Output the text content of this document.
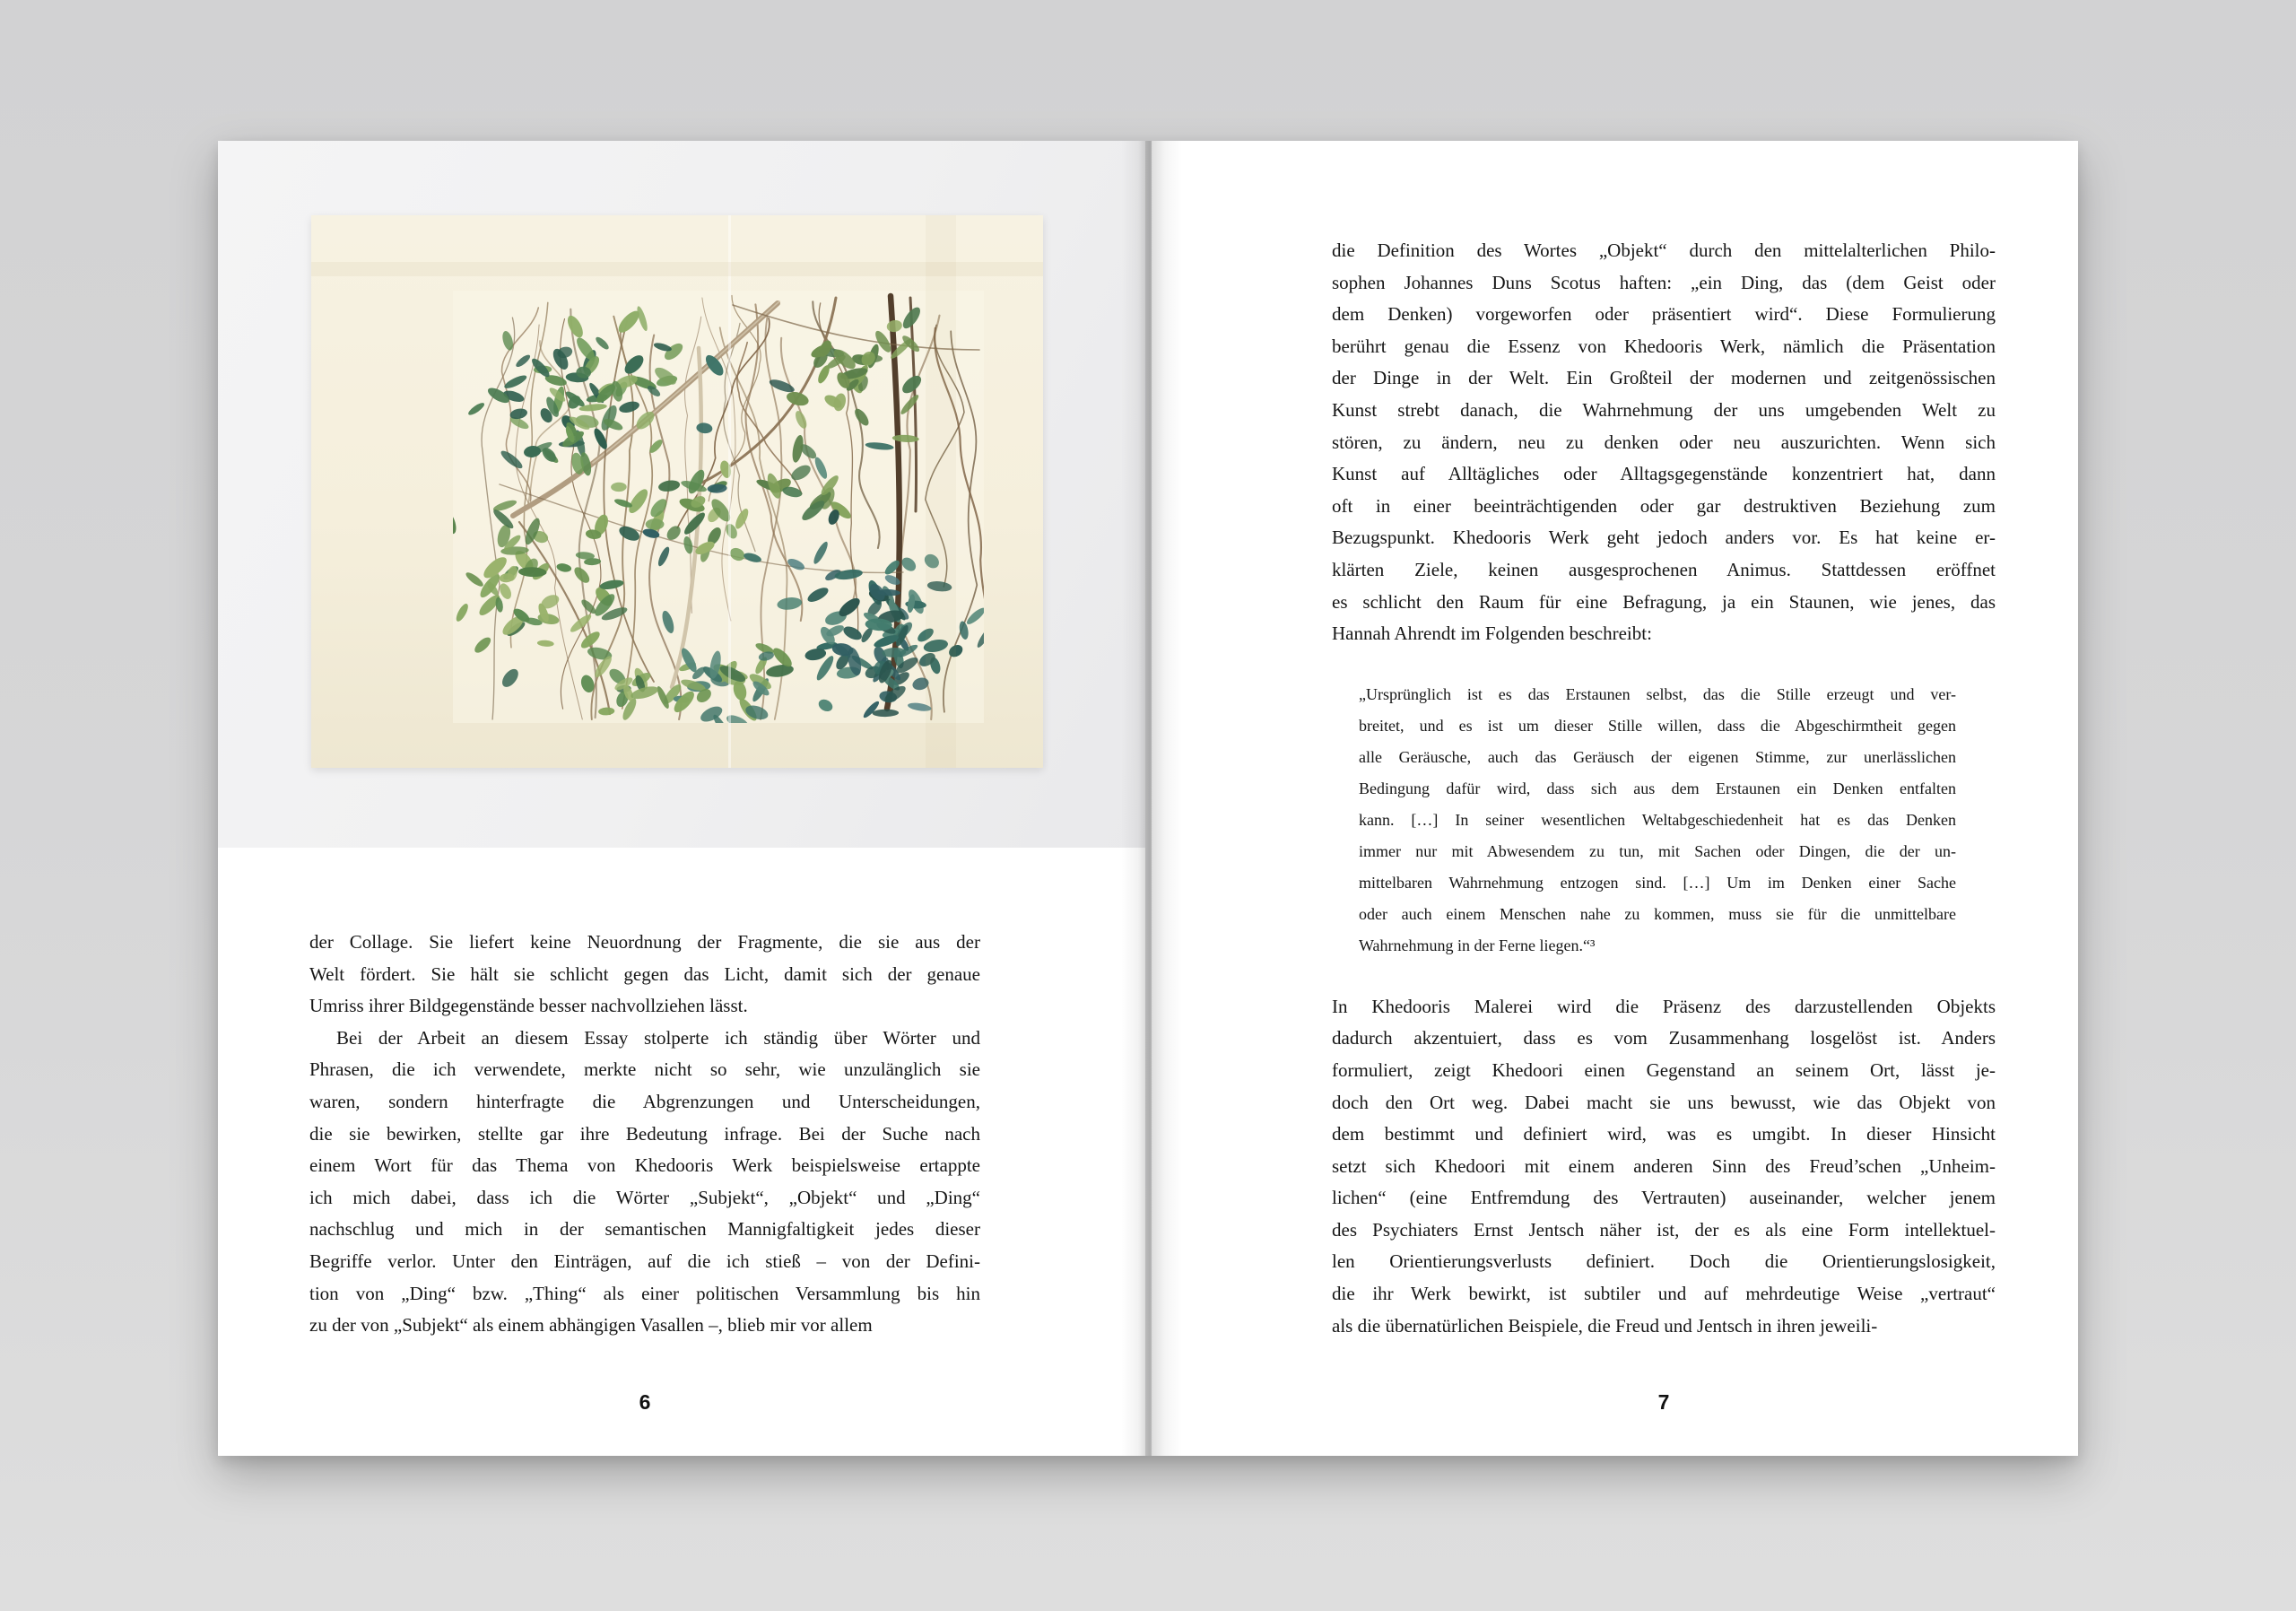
der Collage. Sie liefert keine Neuordnung der Fragmente, die sie aus der
Welt fördert. Sie hält sie schlicht gegen das Licht, damit sich der genaue
Umriss ihrer Bildgegenstände besser nachvollziehen lässt.
Bei der Arbeit an diesem Essay stolperte ich ständig über Wörter und
Phrasen, die ich verwendete, merkte nicht so sehr, wie unzulänglich sie
waren, sondern hinterfragte die Abgrenzungen und Unterscheidungen,
die sie bewirken, stellte gar ihre Bedeutung infrage. Bei der Suche nach
einem Wort für das Thema von Khedooris Werk beispielsweise ertappte
ich mich dabei, dass ich die Wörter „Subjekt“, „Objekt“ und „Ding“
nachschlug und mich in der semantischen Mannigfaltigkeit jedes dieser
Begriffe verlor. Unter den Einträgen, auf die ich stieß – von der Defini-
tion von „Ding“ bzw. „Thing“ als einer politischen Versammlung bis hin
zu der von „Subjekt“ als einem abhängigen Vasallen –, blieb mir vor allem
6
die Definition des Wortes „Objekt“ durch den mittelalterlichen Philo-
sophen Johannes Duns Scotus haften: „ein Ding, das (dem Geist oder
dem Denken) vorgeworfen oder präsentiert wird“. Diese Formulierung
berührt genau die Essenz von Khedooris Werk, nämlich die Präsentation
der Dinge in der Welt. Ein Großteil der modernen und zeitgenössischen
Kunst strebt danach, die Wahrnehmung der uns umgebenden Welt zu
stören, zu ändern, neu zu denken oder neu auszurichten. Wenn sich
Kunst auf Alltägliches oder Alltagsgegenstände konzentriert hat, dann
oft in einer beeinträchtigenden oder gar destruktiven Beziehung zum
Bezugspunkt. Khedooris Werk geht jedoch anders vor. Es hat keine er-
klärten Ziele, keinen ausgesprochenen Animus. Stattdessen eröffnet
es schlicht den Raum für eine Befragung, ja ein Staunen, wie jenes, das
Hannah Ahrendt im Folgenden beschreibt:
„Ursprünglich ist es das Erstaunen selbst, das die Stille erzeugt und ver-
breitet, und es ist um dieser Stille willen, dass die Abgeschirmtheit gegen
alle Geräusche, auch das Geräusch der eigenen Stimme, zur unerlässlichen
Bedingung dafür wird, dass sich aus dem Erstaunen ein Denken entfalten
kann. […] In seiner wesentlichen Weltabgeschiedenheit hat es das Denken
immer nur mit Abwesendem zu tun, mit Sachen oder Dingen, die der un-
mittelbaren Wahrnehmung entzogen sind. […] Um im Denken einer Sache
oder auch einem Menschen nahe zu kommen, muss sie für die unmittelbare
Wahrnehmung in der Ferne liegen.“³
In Khedooris Malerei wird die Präsenz des darzustellenden Objekts
dadurch akzentuiert, dass es vom Zusammenhang losgelöst ist. Anders
formuliert, zeigt Khedoori einen Gegenstand an seinem Ort, lässt je-
doch den Ort weg. Dabei macht sie uns bewusst, wie das Objekt von
dem bestimmt und definiert wird, was es umgibt. In dieser Hinsicht
setzt sich Khedoori mit einem anderen Sinn des Freud’schen „Unheim-
lichen“ (eine Entfremdung des Vertrauten) auseinander, welcher jenem
des Psychiaters Ernst Jentsch näher ist, der es als eine Form intellektuel-
len Orientierungsverlusts definiert. Doch die Orientierungslosigkeit,
die ihr Werk bewirkt, ist subtiler und auf mehrdeutige Weise „vertraut“
als die übernatürlichen Beispiele, die Freud und Jentsch in ihren jeweili-
7
